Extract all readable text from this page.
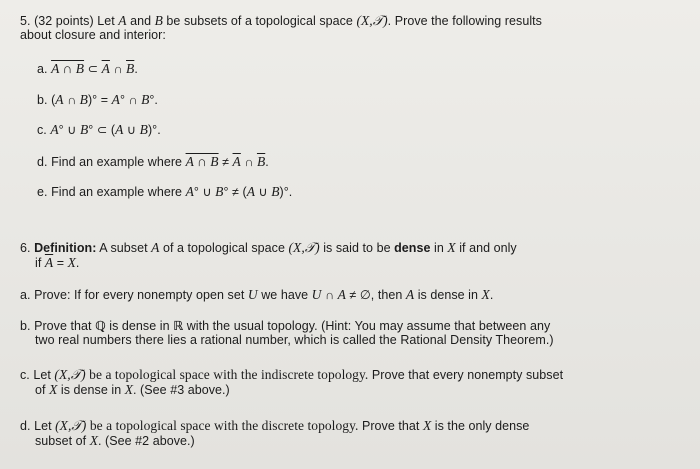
5. (32 points) Let A and B be subsets of a topological space (X,𝒯). Prove the following results
about closure and interior:
a. A ∩ B ⊂ $\overline{A}$ ∩ $\overline{B}$.
b. (A ∩ B)° = A° ∩ B°.
c. A° ∪ B° ⊂ (A ∪ B)°.
d. Find an example where A ∩ $B \ne \overline{A}$ ∩ $\overline{B}$.
e. Find an example where A° ∪ B° ≠ (A ∪ B)°.
6. Definition: A subset A of a topological space (X,𝒯) is said to be dense in X if and only
if $\overline{A} = X$.
a. Prove: If for every nonempty open set U we have U ∩ A ≠ ∅, then A is dense in X.
b. Prove that ℚ is dense in ℝ with the usual topology. (Hint: You may assume that between any
two real numbers there lies a rational number, which is called the Rational Density Theorem.)
c. Let (X,𝒯) be a topological space with the indiscrete topology. Prove that every nonempty subset
of X is dense in X. (See #3 above.)
d. Let (X,𝒯) be a topological space with the discrete topology. Prove that X is the only dense
subset of X. (See #2 above.)
